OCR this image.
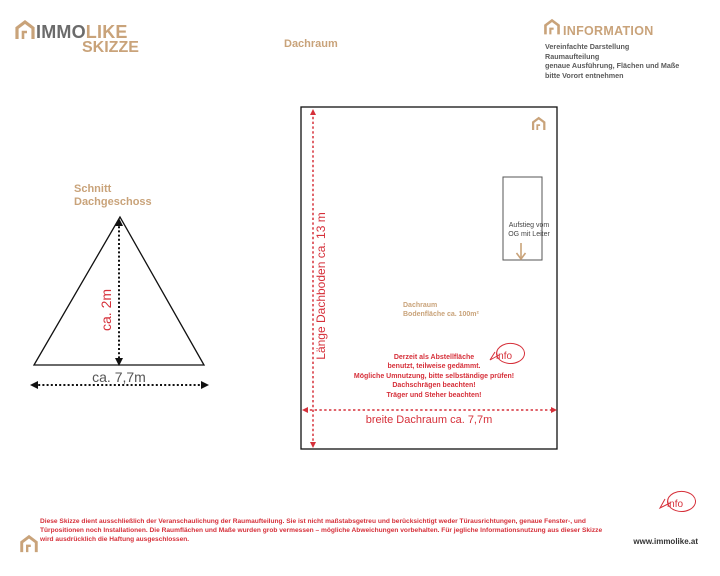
IMMOLIKE
SKIZZE	Dachraum
INFORMATION
Vereinfachte Darstellung
Raumaufteilung
genaue Ausführung, Flächen und Maße
bitte Vorort entnehmen
Schnitt
Dachgeschoss
ca. 2m
ca. 7,7m
Länge Dachboden ca. 13 m
breite Dachraum ca. 7,7m
info
info
Aufstieg vom OG mit Leiter
Dachraum
Bodenfläche ca. 100m²
Derzeit als Abstellfläche
benutzt, teilweise gedämmt.
Mögliche Umnutzung, bitte selbständige prüfen!
Dachschrägen beachten!
Träger und Steher beachten!
Diese Skizze dient ausschließlich der Veranschaulichung der Raumaufteilung. Sie ist nicht maßstabsgetreu und berücksichtigt weder Türausrichtungen, genaue Fenster-, und
Türpositionen noch Installationen. Die Raumflächen und Maße wurden grob vermessen – mögliche Abweichungen vorbehalten. Für jegliche Informationsnutzung aus dieser Skizze
wird ausdrücklich die Haftung ausgeschlossen.	www.immolike.at
